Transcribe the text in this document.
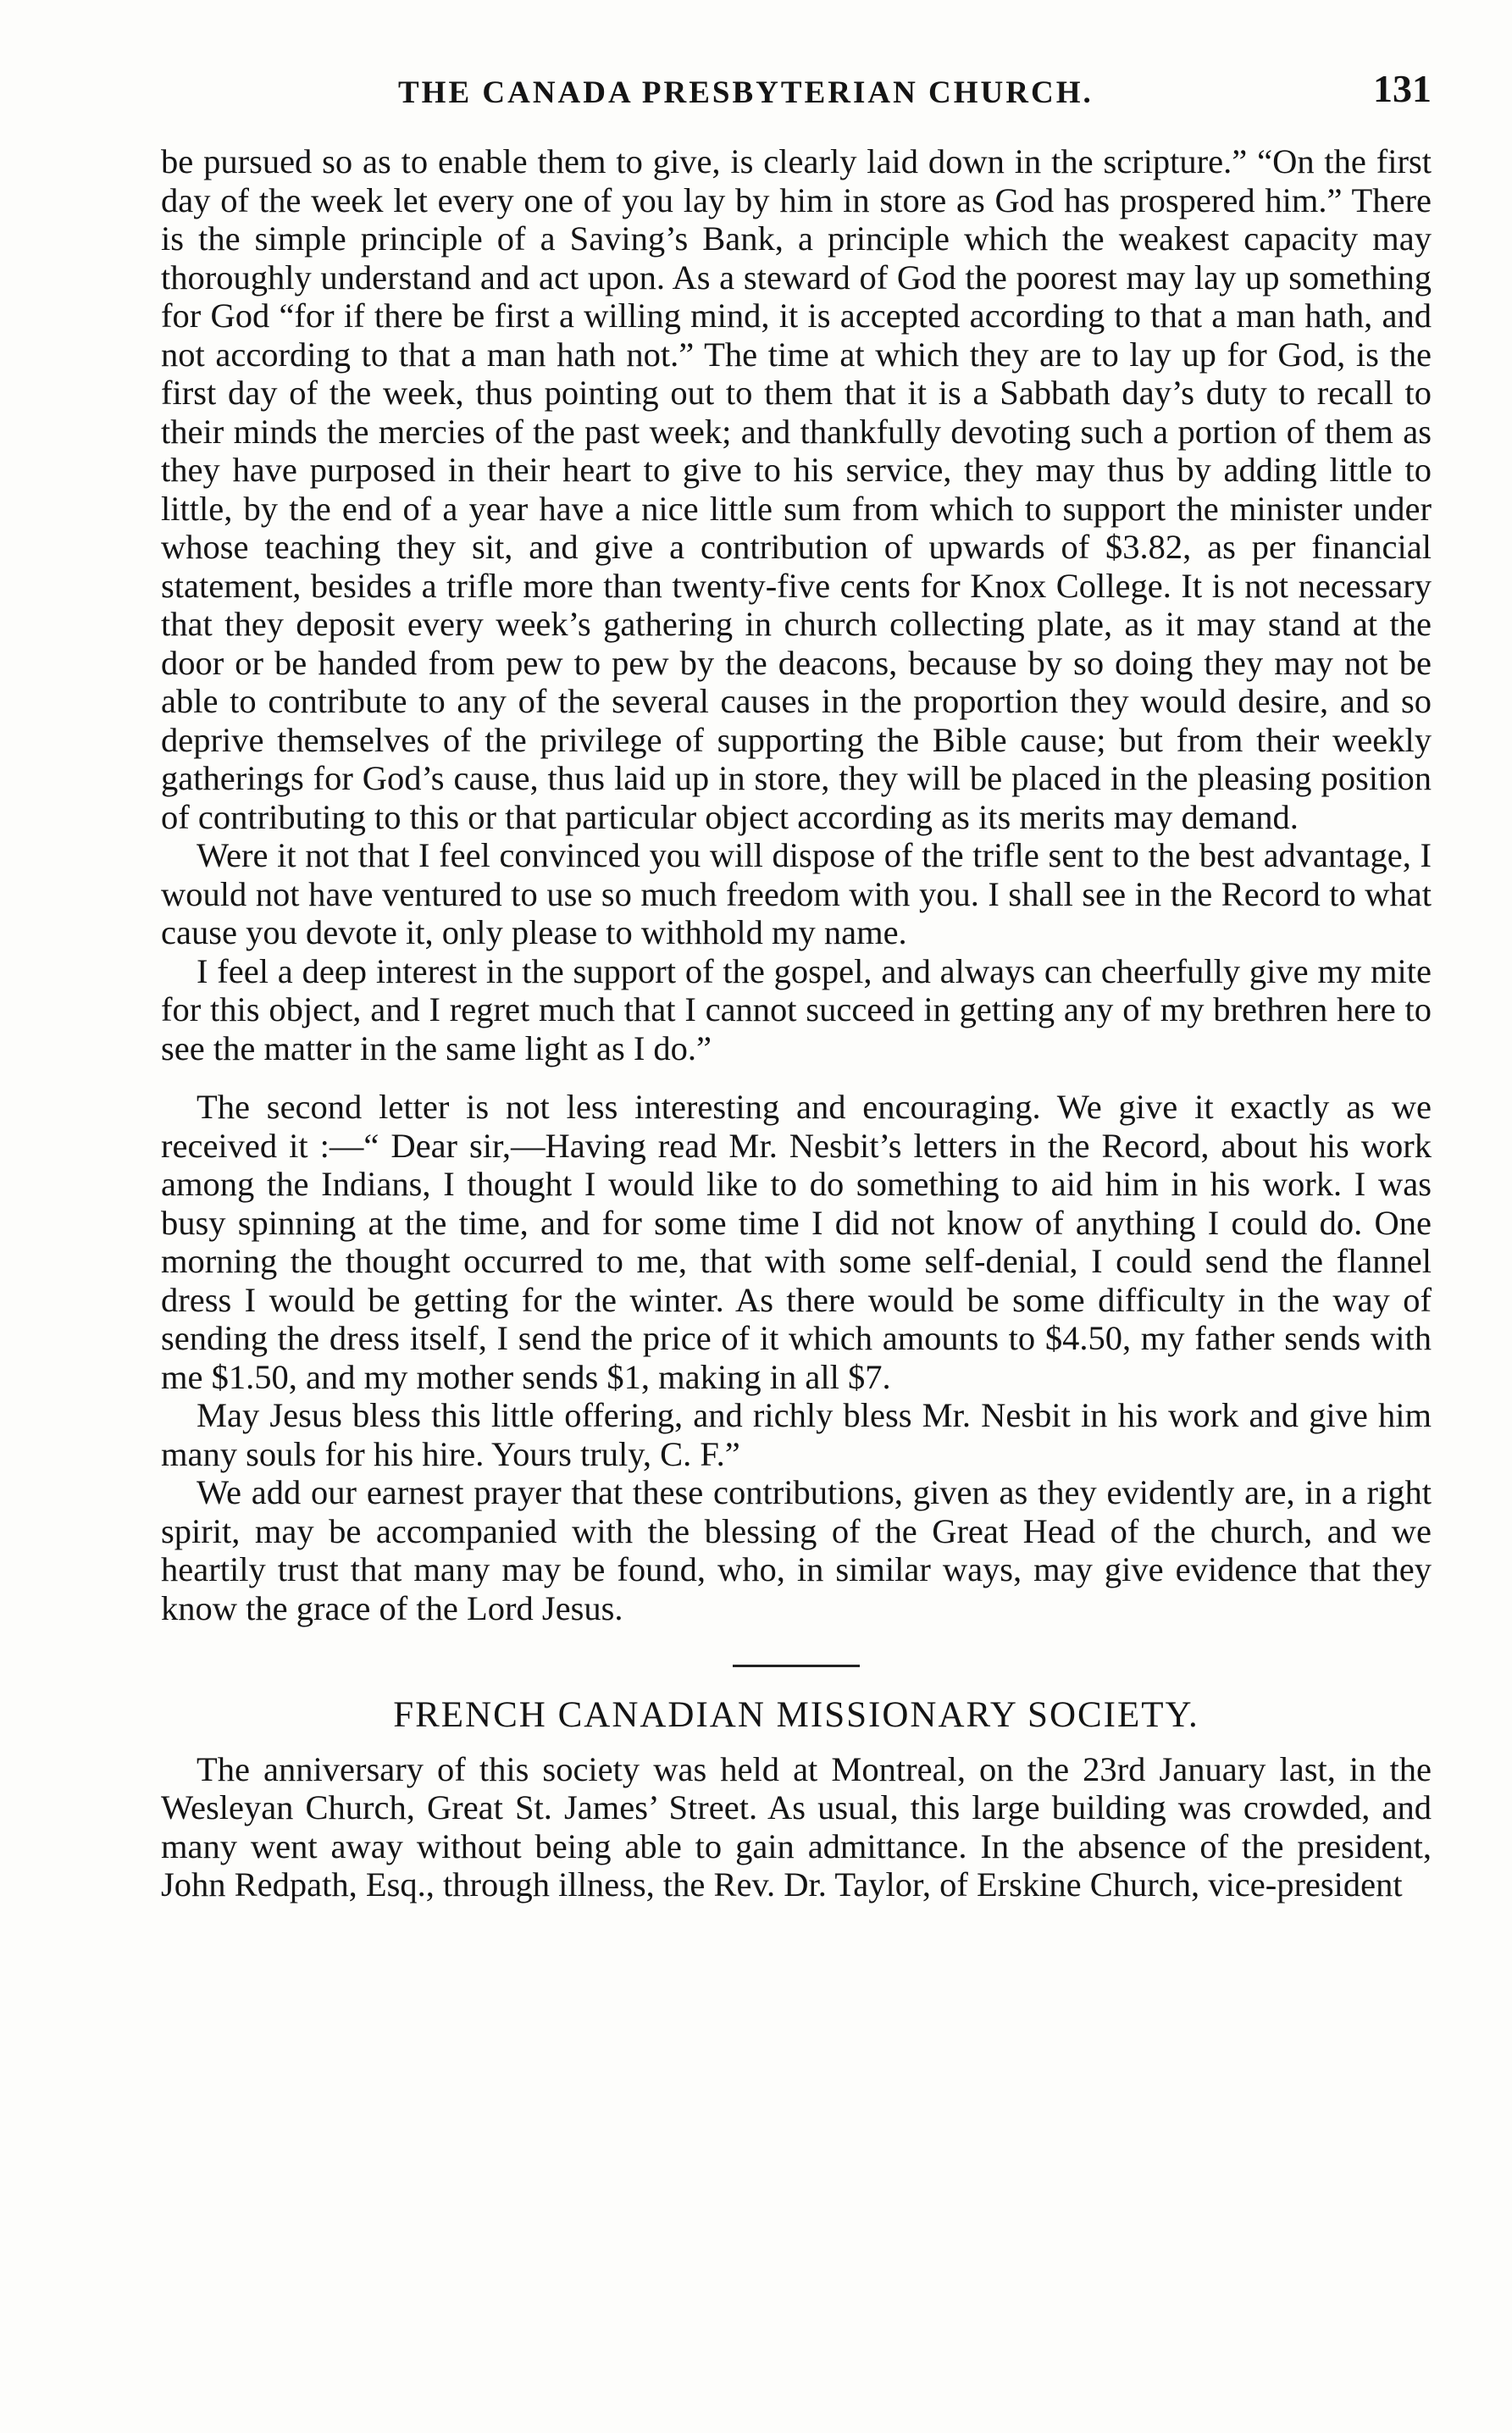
THE CANADA PRESBYTERIAN CHURCH.	131

be pursued so as to enable them to give, is clearly laid down in the scripture.” “On the first day of the week let every one of you lay by him in store as God has prospered him.” There is the simple principle of a Saving’s Bank, a principle which the weakest capacity may thoroughly understand and act upon. As a steward of God the poorest may lay up something for God “for if there be first a willing mind, it is accepted according to that a man hath, and not according to that a man hath not.” The time at which they are to lay up for God, is the first day of the week, thus pointing out to them that it is a Sabbath day’s duty to recall to their minds the mercies of the past week; and thankfully devoting such a portion of them as they have purposed in their heart to give to his service, they may thus by adding little to little, by the end of a year have a nice little sum from which to support the minister under whose teaching they sit, and give a contribution of upwards of $3.82, as per financial statement, besides a trifle more than twenty-five cents for Knox College. It is not necessary that they deposit every week’s gathering in church collecting plate, as it may stand at the door or be handed from pew to pew by the deacons, because by so doing they may not be able to contribute to any of the several causes in the proportion they would desire, and so deprive themselves of the privilege of supporting the Bible cause; but from their weekly gatherings for God’s cause, thus laid up in store, they will be placed in the pleasing position of contributing to this or that particular object according as its merits may demand.

Were it not that I feel convinced you will dispose of the trifle sent to the best advantage, I would not have ventured to use so much freedom with you. I shall see in the Record to what cause you devote it, only please to withhold my name.

I feel a deep interest in the support of the gospel, and always can cheerfully give my mite for this object, and I regret much that I cannot succeed in getting any of my brethren here to see the matter in the same light as I do.”

The second letter is not less interesting and encouraging. We give it exactly as we received it :—“ Dear sir,—Having read Mr. Nesbit’s letters in the Record, about his work among the Indians, I thought I would like to do something to aid him in his work. I was busy spinning at the time, and for some time I did not know of anything I could do. One morning the thought occurred to me, that with some self-denial, I could send the flannel dress I would be getting for the winter. As there would be some difficulty in the way of sending the dress itself, I send the price of it which amounts to $4.50, my father sends with me $1.50, and my mother sends $1, making in all $7.

May Jesus bless this little offering, and richly bless Mr. Nesbit in his work and give him many souls for his hire. Yours truly, C. F.”

We add our earnest prayer that these contributions, given as they evidently are, in a right spirit, may be accompanied with the blessing of the Great Head of the church, and we heartily trust that many may be found, who, in similar ways, may give evidence that they know the grace of the Lord Jesus.

FRENCH CANADIAN MISSIONARY SOCIETY.

The anniversary of this society was held at Montreal, on the 23rd January last, in the Wesleyan Church, Great St. James’ Street. As usual, this large building was crowded, and many went away without being able to gain admittance. In the absence of the president, John Redpath, Esq., through illness, the Rev. Dr. Taylor, of Erskine Church, vice-president
